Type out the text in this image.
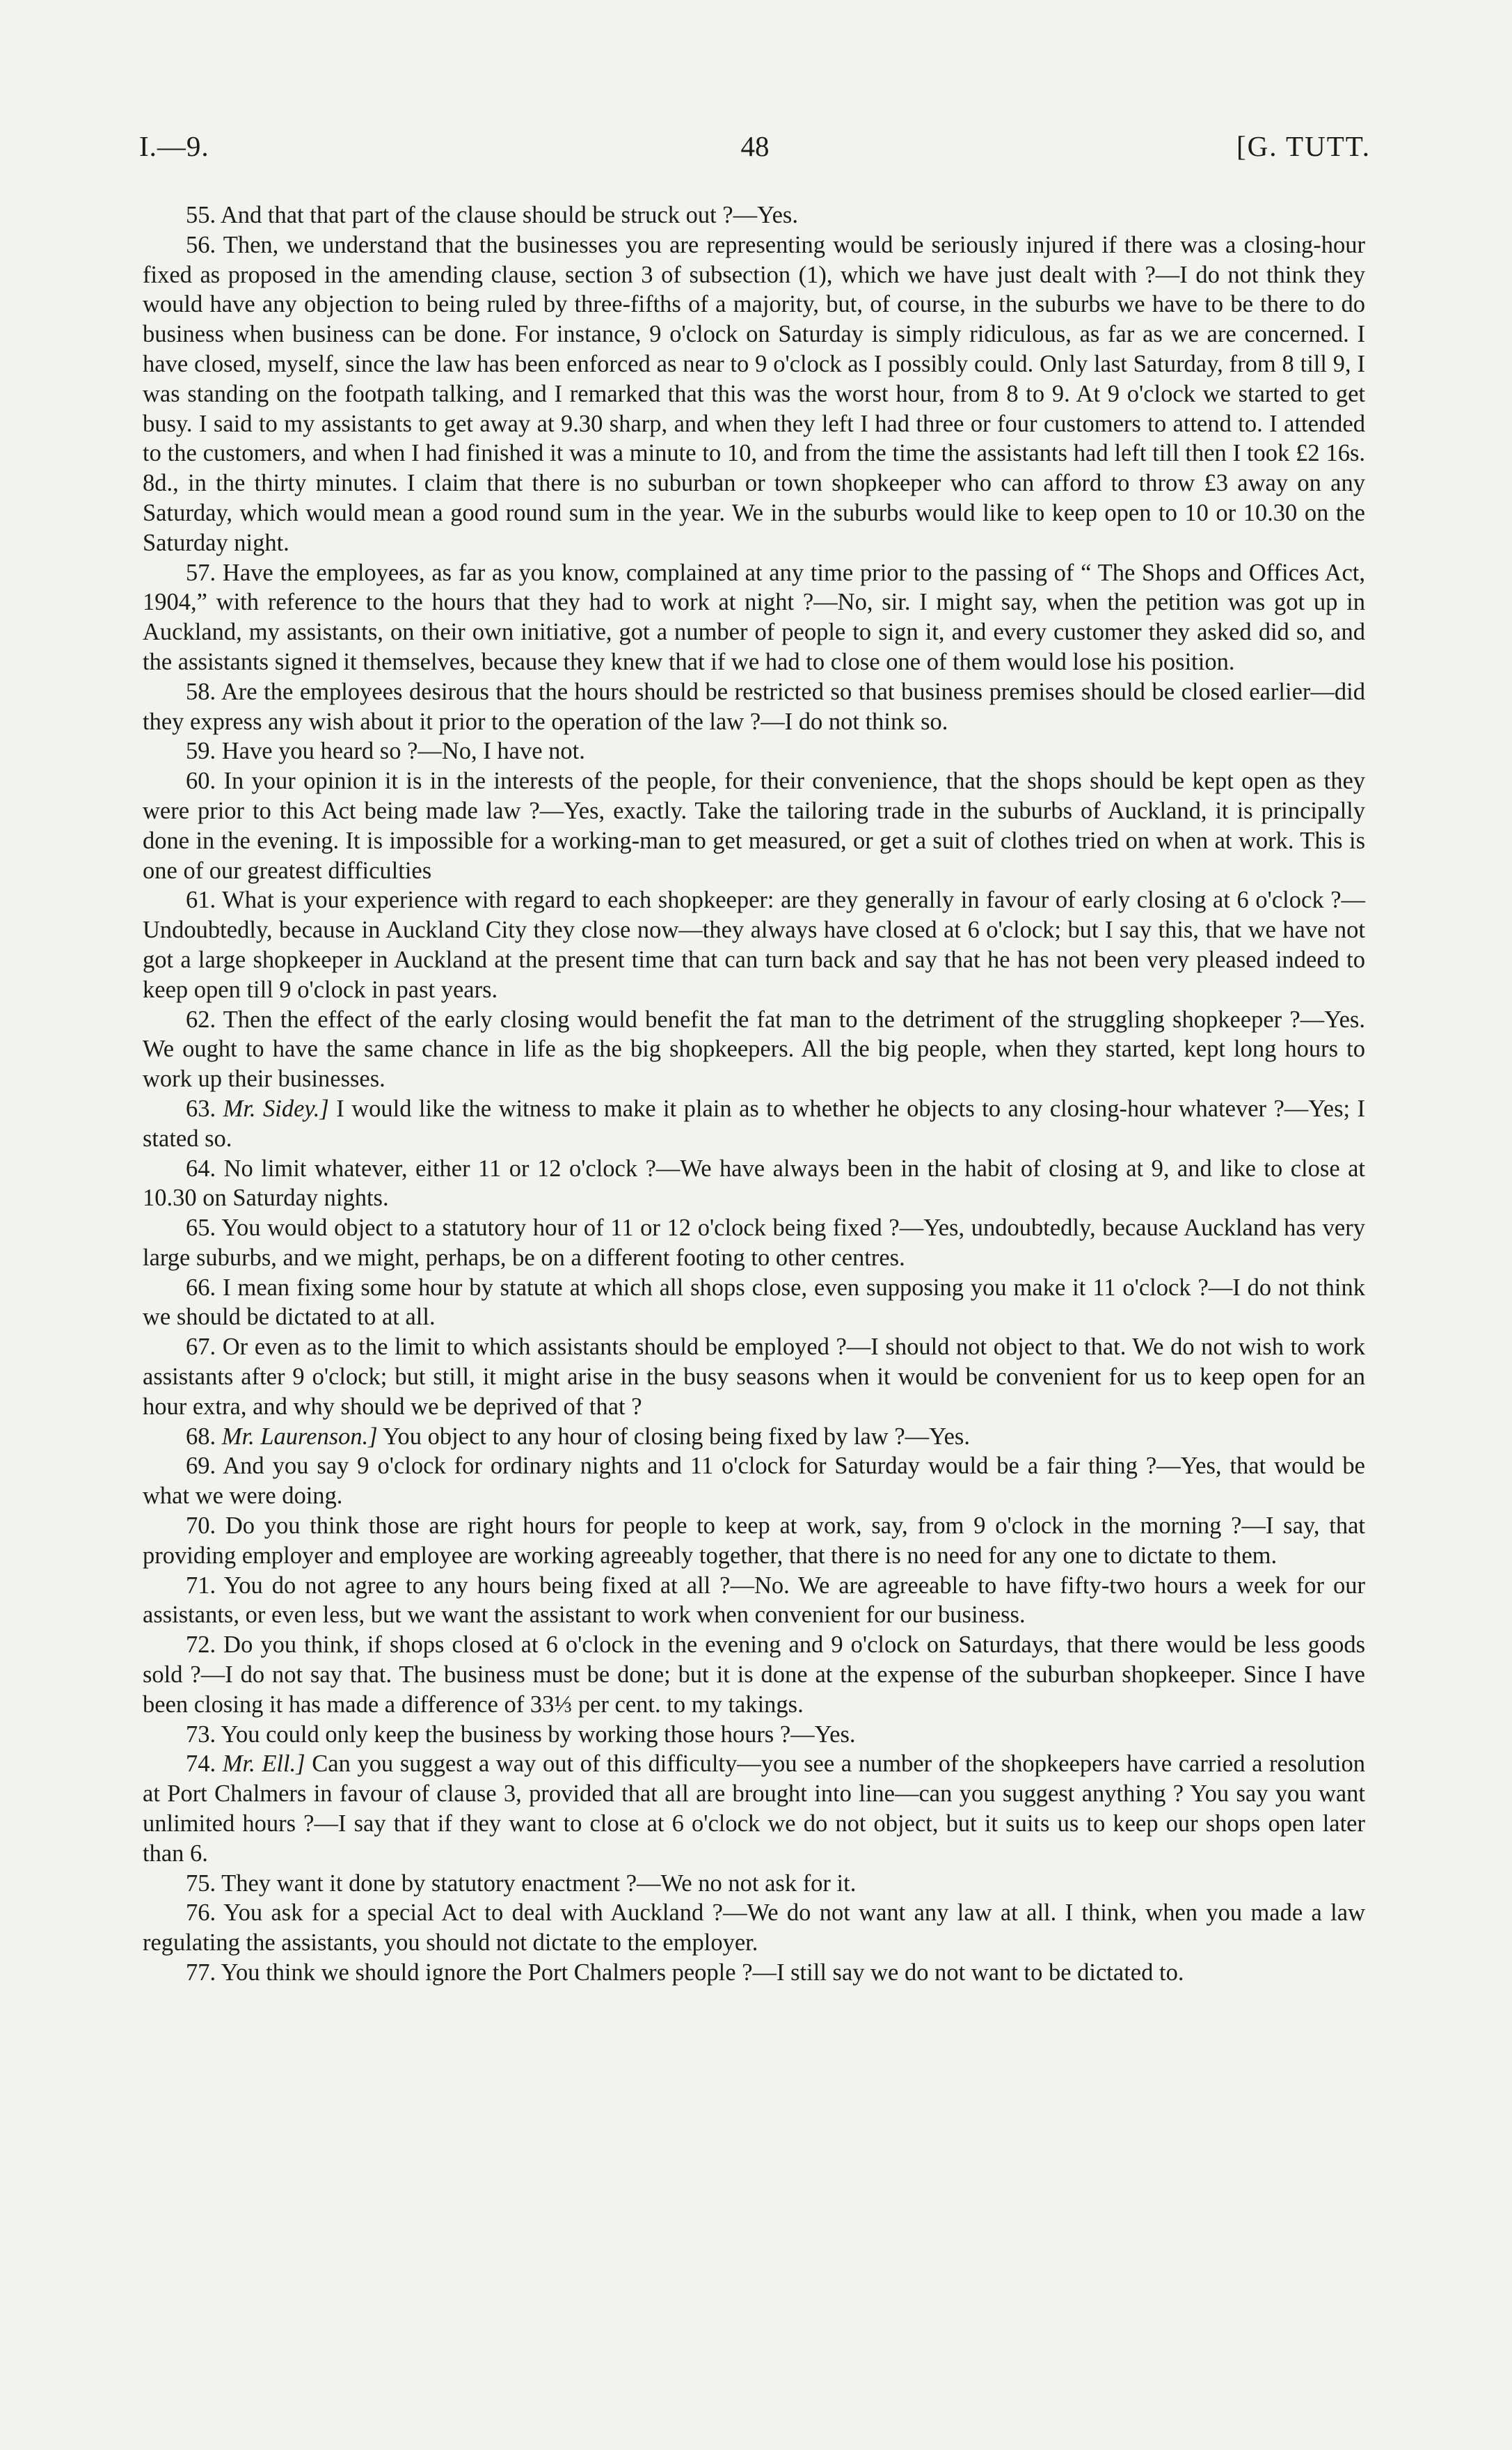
I.—9.	48	[G. TUTT.

55. And that that part of the clause should be struck out ?—Yes.

56. Then, we understand that the businesses you are representing would be seriously injured if there was a closing-hour fixed as proposed in the amending clause, section 3 of subsection (1), which we have just dealt with ?—I do not think they would have any objection to being ruled by three-fifths of a majority, but, of course, in the suburbs we have to be there to do business when business can be done. For instance, 9 o'clock on Saturday is simply ridiculous, as far as we are concerned. I have closed, myself, since the law has been enforced as near to 9 o'clock as I possibly could. Only last Saturday, from 8 till 9, I was standing on the footpath talking, and I remarked that this was the worst hour, from 8 to 9. At 9 o'clock we started to get busy. I said to my assistants to get away at 9.30 sharp, and when they left I had three or four customers to attend to. I attended to the customers, and when I had finished it was a minute to 10, and from the time the assistants had left till then I took £2 16s. 8d., in the thirty minutes. I claim that there is no suburban or town shopkeeper who can afford to throw £3 away on any Saturday, which would mean a good round sum in the year. We in the suburbs would like to keep open to 10 or 10.30 on the Saturday night.

57. Have the employees, as far as you know, complained at any time prior to the passing of “ The Shops and Offices Act, 1904,” with reference to the hours that they had to work at night ?—No, sir. I might say, when the petition was got up in Auckland, my assistants, on their own initiative, got a number of people to sign it, and every customer they asked did so, and the assistants signed it themselves, because they knew that if we had to close one of them would lose his position.

58. Are the employees desirous that the hours should be restricted so that business premises should be closed earlier—did they express any wish about it prior to the operation of the law ?—I do not think so.

59. Have you heard so ?—No, I have not.

60. In your opinion it is in the interests of the people, for their convenience, that the shops should be kept open as they were prior to this Act being made law ?—Yes, exactly. Take the tailoring trade in the suburbs of Auckland, it is principally done in the evening. It is impossible for a working-man to get measured, or get a suit of clothes tried on when at work. This is one of our greatest difficulties

61. What is your experience with regard to each shopkeeper: are they generally in favour of early closing at 6 o'clock ?—Undoubtedly, because in Auckland City they close now—they always have closed at 6 o'clock; but I say this, that we have not got a large shopkeeper in Auckland at the present time that can turn back and say that he has not been very pleased indeed to keep open till 9 o'clock in past years.

62. Then the effect of the early closing would benefit the fat man to the detriment of the struggling shopkeeper ?—Yes. We ought to have the same chance in life as the big shopkeepers. All the big people, when they started, kept long hours to work up their businesses.

63. Mr. Sidey.] I would like the witness to make it plain as to whether he objects to any closing-hour whatever ?—Yes; I stated so.

64. No limit whatever, either 11 or 12 o'clock ?—We have always been in the habit of closing at 9, and like to close at 10.30 on Saturday nights.

65. You would object to a statutory hour of 11 or 12 o'clock being fixed ?—Yes, undoubtedly, because Auckland has very large suburbs, and we might, perhaps, be on a different footing to other centres.

66. I mean fixing some hour by statute at which all shops close, even supposing you make it 11 o'clock ?—I do not think we should be dictated to at all.

67. Or even as to the limit to which assistants should be employed ?—I should not object to that. We do not wish to work assistants after 9 o'clock; but still, it might arise in the busy seasons when it would be convenient for us to keep open for an hour extra, and why should we be deprived of that ?

68. Mr. Laurenson.] You object to any hour of closing being fixed by law ?—Yes.

69. And you say 9 o'clock for ordinary nights and 11 o'clock for Saturday would be a fair thing ?—Yes, that would be what we were doing.

70. Do you think those are right hours for people to keep at work, say, from 9 o'clock in the morning ?—I say, that providing employer and employee are working agreeably together, that there is no need for any one to dictate to them.

71. You do not agree to any hours being fixed at all ?—No. We are agreeable to have fifty-two hours a week for our assistants, or even less, but we want the assistant to work when convenient for our business.

72. Do you think, if shops closed at 6 o'clock in the evening and 9 o'clock on Saturdays, that there would be less goods sold ?—I do not say that. The business must be done; but it is done at the expense of the suburban shopkeeper. Since I have been closing it has made a difference of 33⅓ per cent. to my takings.

73. You could only keep the business by working those hours ?—Yes.

74. Mr. Ell.] Can you suggest a way out of this difficulty—you see a number of the shopkeepers have carried a resolution at Port Chalmers in favour of clause 3, provided that all are brought into line—can you suggest anything ? You say you want unlimited hours ?—I say that if they want to close at 6 o'clock we do not object, but it suits us to keep our shops open later than 6.

75. They want it done by statutory enactment ?—We no not ask for it.

76. You ask for a special Act to deal with Auckland ?—We do not want any law at all. I think, when you made a law regulating the assistants, you should not dictate to the employer.

77. You think we should ignore the Port Chalmers people ?—I still say we do not want to be dictated to.
